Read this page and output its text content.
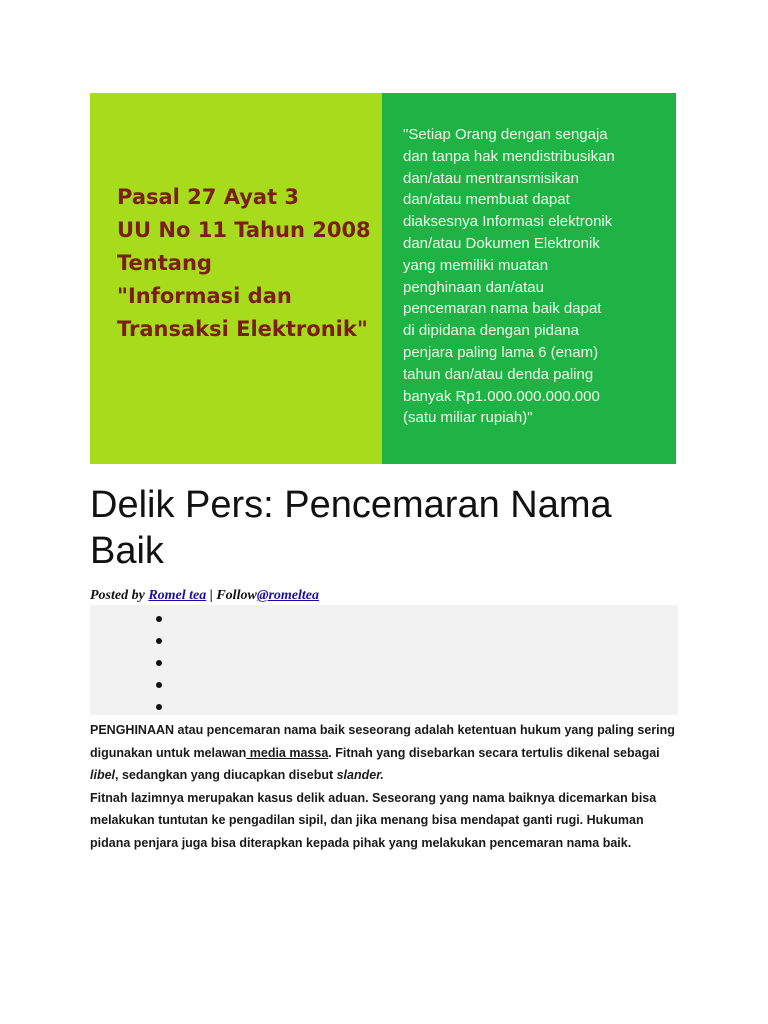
Pasal 27 Ayat 3
UU No 11 Tahun 2008
Tentang
"Informasi dan
Transaksi Elektronik"
"Setiap Orang dengan sengaja
dan tanpa hak mendistribusikan
dan/atau mentransmisikan
dan/atau membuat dapat
diaksesnya Informasi elektronik
dan/atau Dokumen Elektronik
yang memiliki muatan
penghinaan dan/atau
pencemaran nama baik dapat
di dipidana dengan pidana
penjara paling lama 6 (enam)
tahun dan/atau denda paling
banyak Rp1.000.000.000.000
(satu miliar rupiah)"
Delik Pers: Pencemaran Nama Baik
Posted by Romel tea | Follow@romeltea
PENGHINAAN atau pencemaran nama baik seseorang adalah ketentuan hukum yang paling sering digunakan untuk melawan media massa. Fitnah yang disebarkan secara tertulis dikenal sebagai libel, sedangkan yang diucapkan disebut slander.
Fitnah lazimnya merupakan kasus delik aduan. Seseorang yang nama baiknya dicemarkan bisa melakukan tuntutan ke pengadilan sipil, dan jika menang bisa mendapat ganti rugi. Hukuman pidana penjara juga bisa diterapkan kepada pihak yang melakukan pencemaran nama baik.
